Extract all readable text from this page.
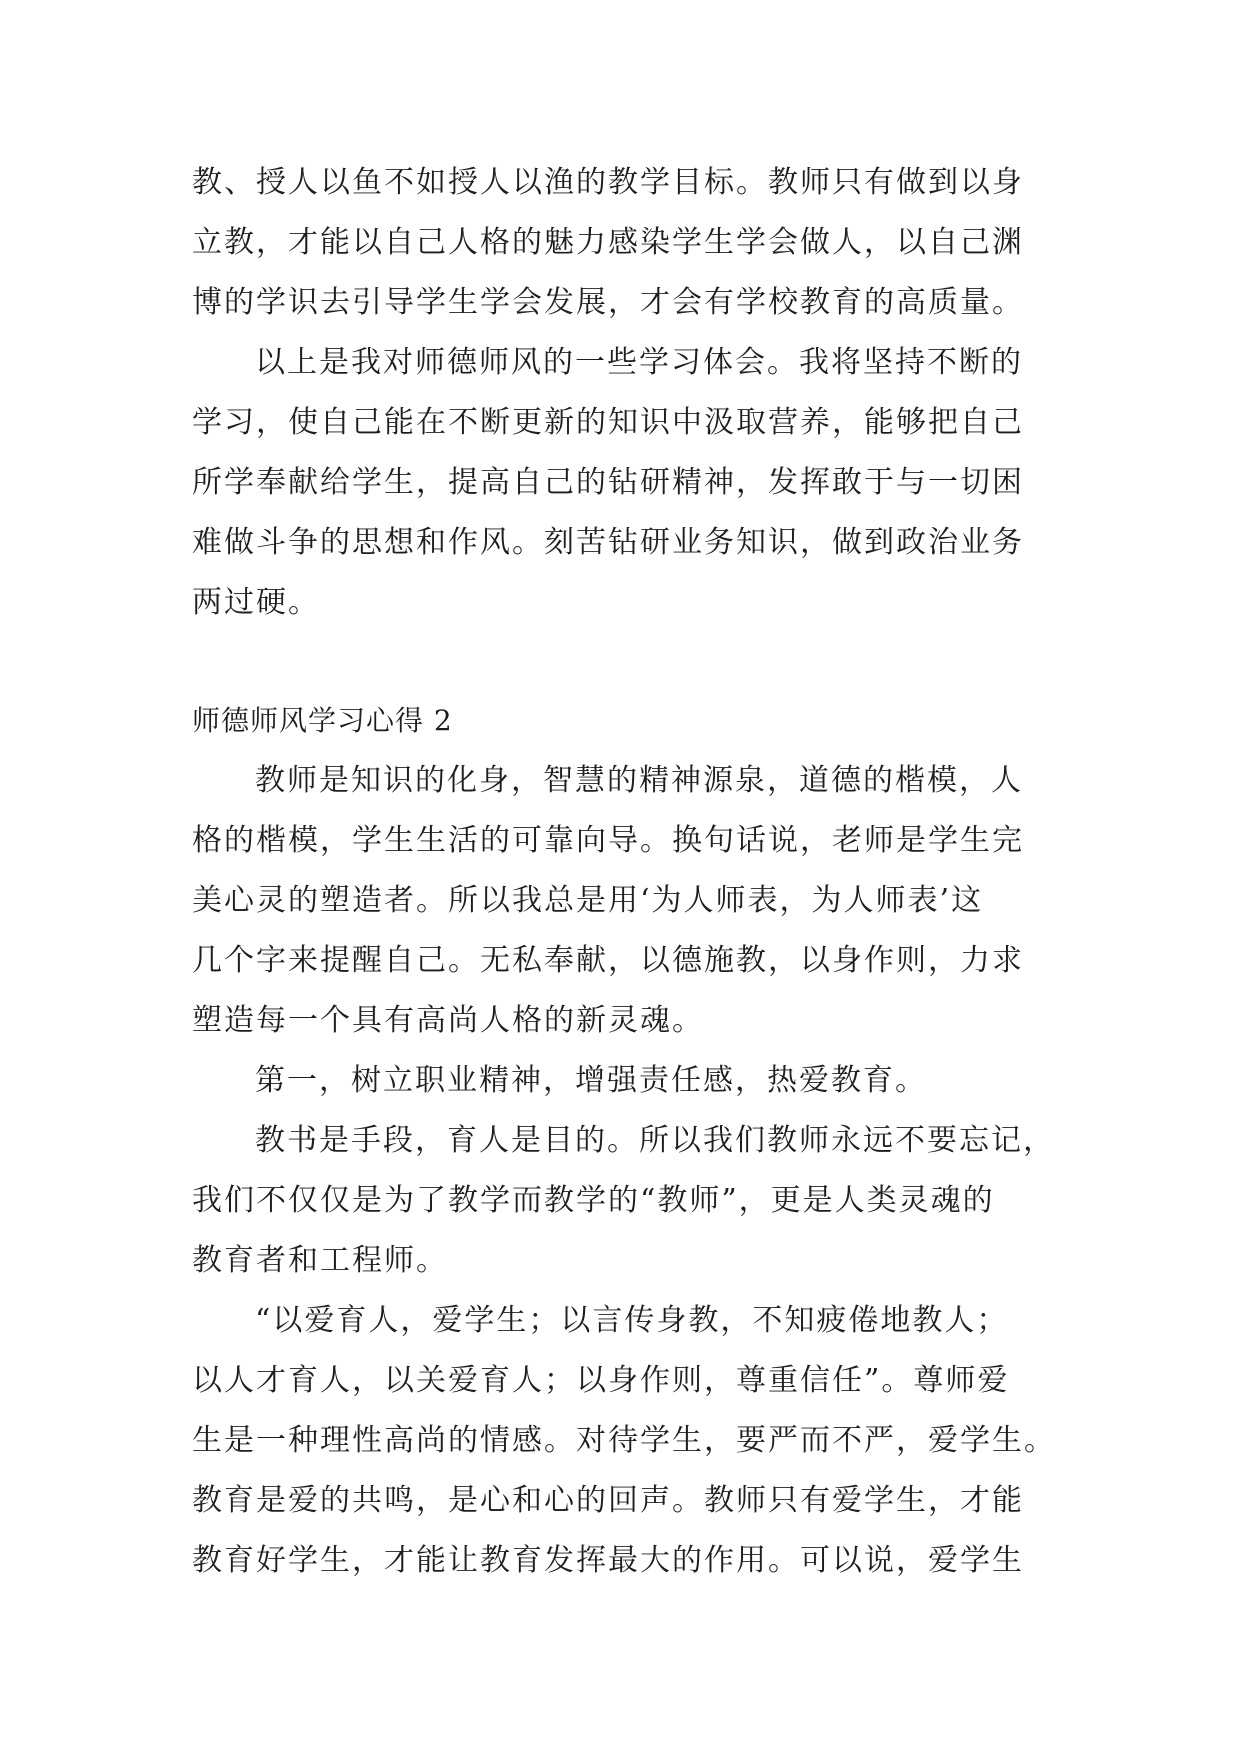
教、授人以鱼不如授人以渔的教学目标。教师只有做到以身

立教，才能以自己人格的魅力感染学生学会做人，以自己渊

博的学识去引导学生学会发展，才会有学校教育的高质量。

以上是我对师德师风的一些学习体会。我将坚持不断的

学习，使自己能在不断更新的知识中汲取营养，能够把自己

所学奉献给学生，提高自己的钻研精神，发挥敢于与一切困

难做斗争的思想和作风。刻苦钻研业务知识，做到政治业务

两过硬。

师德师风学习心得 2

教师是知识的化身，智慧的精神源泉，道德的楷模，人

格的楷模，学生生活的可靠向导。换句话说，老师是学生完

美心灵的塑造者。所以我总是用‘为人师表，为人师表’这

几个字来提醒自己。无私奉献，以德施教，以身作则，力求

塑造每一个具有高尚人格的新灵魂。

第一，树立职业精神，增强责任感，热爱教育。

教书是手段，育人是目的。所以我们教师永远不要忘记，

我们不仅仅是为了教学而教学的“教师”，更是人类灵魂的

教育者和工程师。

“以爱育人，爱学生；以言传身教，不知疲倦地教人；

以人才育人，以关爱育人；以身作则，尊重信任”。尊师爱

生是一种理性高尚的情感。对待学生，要严而不严，爱学生。

教育是爱的共鸣，是心和心的回声。教师只有爱学生，才能

教育好学生，才能让教育发挥最大的作用。可以说，爱学生
